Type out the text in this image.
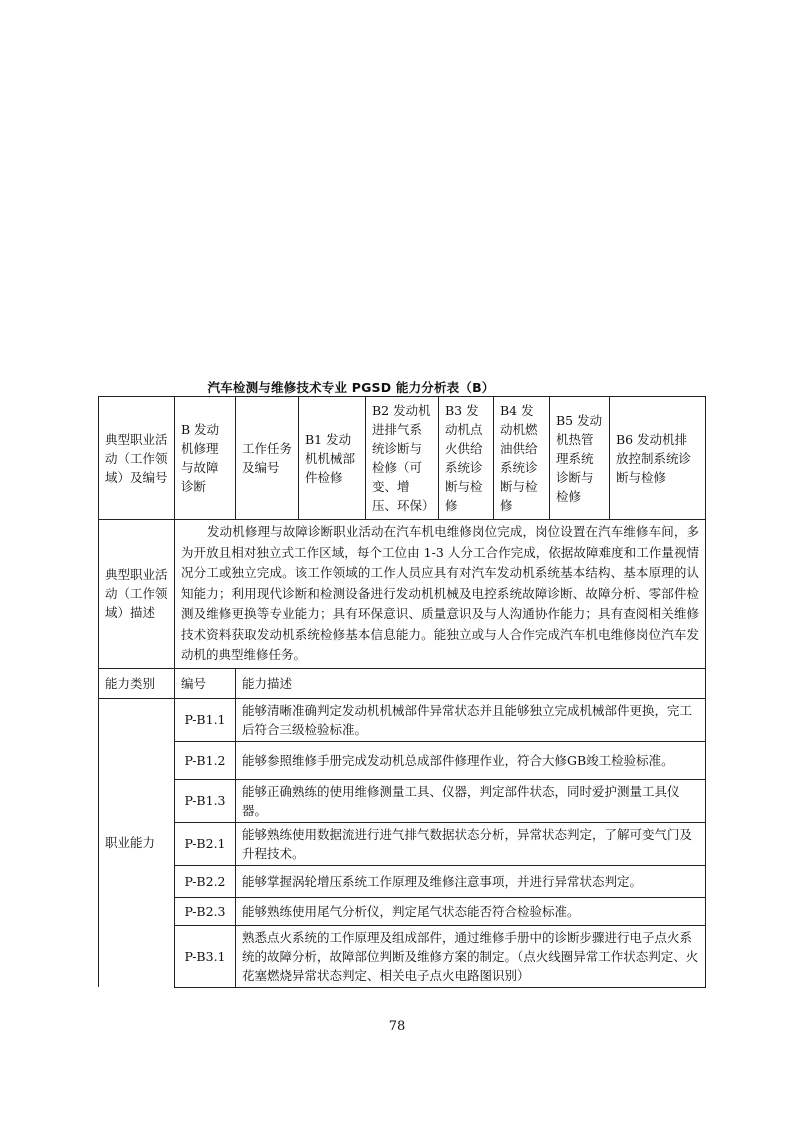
汽车检测与维修技术专业 PGSD 能力分析表（B）
典型职业活动（工作领域）及编号	B 发动机修理与故障诊断	工作任务及编号	B1 发动机机械部件检修	B2 发动机进排气系统诊断与检修（可变、增压、环保）	B3 发动机点火供给系统诊断与检修	B4 发动机燃油供给系统诊断与检修	B5 发动机热管理系统诊断与检修	B6 发动机排放控制系统诊断与检修
典型职业活动（工作领域）描述	发动机修理与故障诊断职业活动在汽车机电维修岗位完成，岗位设置在汽车维修车间，多为开放且相对独立式工作区域，每个工位由 1-3 人分工合作完成，依据故障难度和工作量视情况分工或独立完成。该工作领域的工作人员应具有对汽车发动机系统基本结构、基本原理的认知能力；利用现代诊断和检测设备进行发动机机械及电控系统故障诊断、故障分析、零部件检测及维修更换等专业能力；具有环保意识、质量意识及与人沟通协作能力；具有查阅相关维修技术资料获取发动机系统检修基本信息能力。能独立或与人合作完成汽车机电维修岗位汽车发动机的典型维修任务。							
能力类别	编号	能力描述						
职业能力	P-B1.1	能够清晰准确判定发动机机械部件异常状态并且能够独立完成机械部件更换，完工后符合三级检验标准。						
	P-B1.2	能够参照维修手册完成发动机总成部件修理作业，符合大修GB竣工检验标准。						
	P-B1.3	能够正确熟练的使用维修测量工具、仪器，判定部件状态，同时爱护测量工具仪器。						
	P-B2.1	能够熟练使用数据流进行进气排气数据状态分析，异常状态判定，了解可变气门及升程技术。						
	P-B2.2	能够掌握涡轮增压系统工作原理及维修注意事项，并进行异常状态判定。						
	P-B2.3	能够熟练使用尾气分析仪，判定尾气状态能否符合检验标准。						
	P-B3.1	熟悉点火系统的工作原理及组成部件，通过维修手册中的诊断步骤进行电子点火系统的故障分析，故障部位判断及维修方案的制定。（点火线圈异常工作状态判定、火花塞燃烧异常状态判定、相关电子点火电路图识别）						
78
